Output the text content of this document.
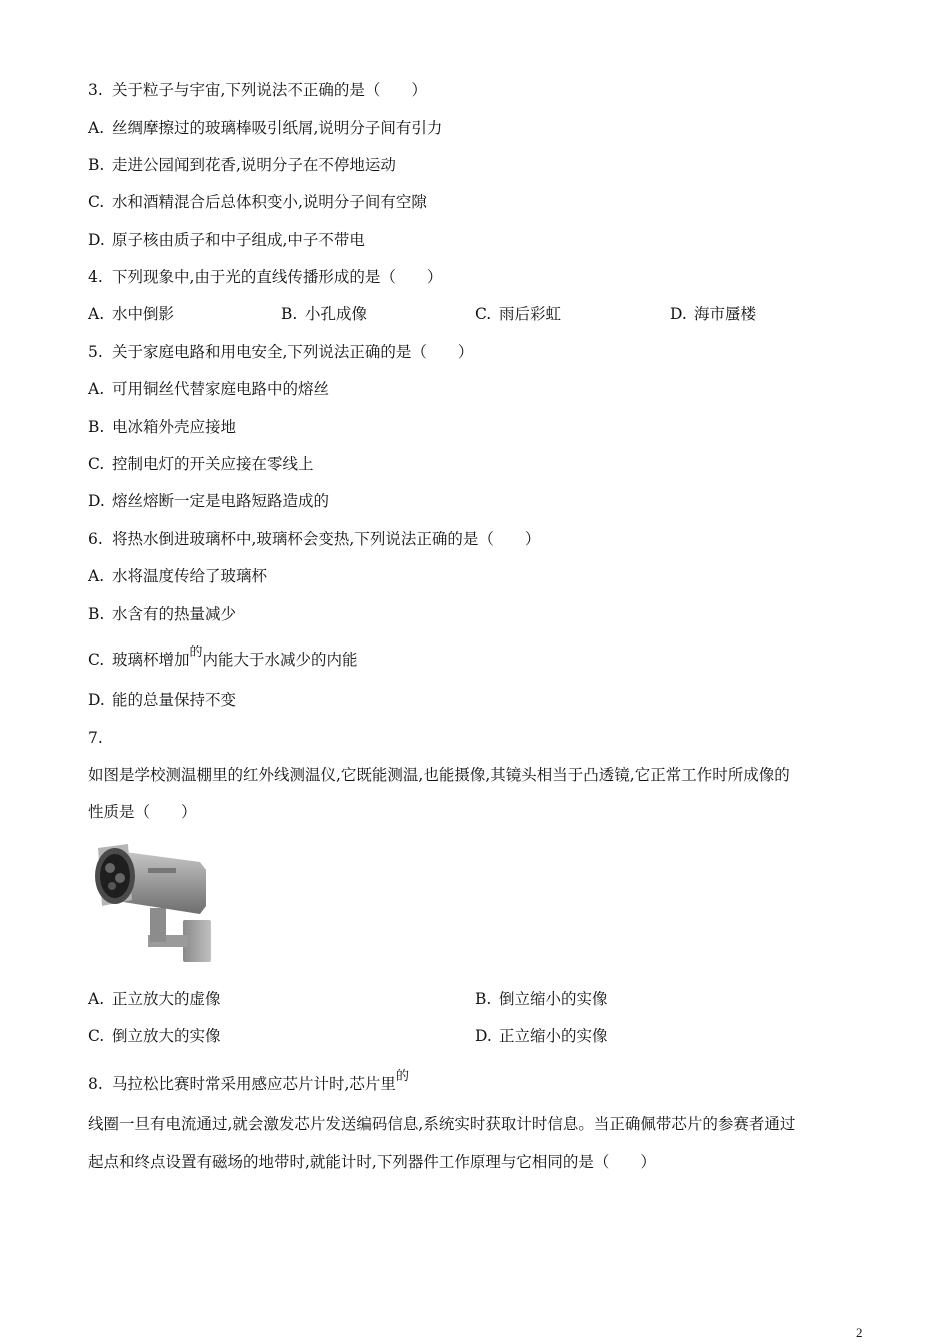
3. 关于粒子与宇宙,下列说法不正确的是（　　）
A. 丝绸摩擦过的玻璃棒吸引纸屑,说明分子间有引力
B. 走进公园闻到花香,说明分子在不停地运动
C. 水和酒精混合后总体积变小,说明分子间有空隙
D. 原子核由质子和中子组成,中子不带电
4. 下列现象中,由于光的直线传播形成的是（　　）
A. 水中倒影	B. 小孔成像	C. 雨后彩虹	D. 海市蜃楼
5. 关于家庭电路和用电安全,下列说法正确的是（　　）
A. 可用铜丝代替家庭电路中的熔丝
B. 电冰箱外壳应接地
C. 控制电灯的开关应接在零线上
D. 熔丝熔断一定是电路短路造成的
6. 将热水倒进玻璃杯中,玻璃杯会变热,下列说法正确的是（　　）
A. 水将温度传给了玻璃杯
B. 水含有的热量减少
C. 玻璃杯增加$^的$内能大于水减少的内能
D. 能的总量保持不变
7.
如图是学校测温棚里的红外线测温仪,它既能测温,也能摄像,其镜头相当于凸透镜,它正常工作时所成像的
性质是（　　）
A. 正立放大的虚像	B. 倒立缩小的实像
C. 倒立放大的实像	D. 正立缩小的实像
8. 马拉松比赛时常采用感应芯片计时,芯片里$^的$
线圈一旦有电流通过,就会激发芯片发送编码信息,系统实时获取计时信息。当正确佩带芯片的参赛者通过
起点和终点设置有磁场的地带时,就能计时,下列器件工作原理与它相同的是（　　）
2
